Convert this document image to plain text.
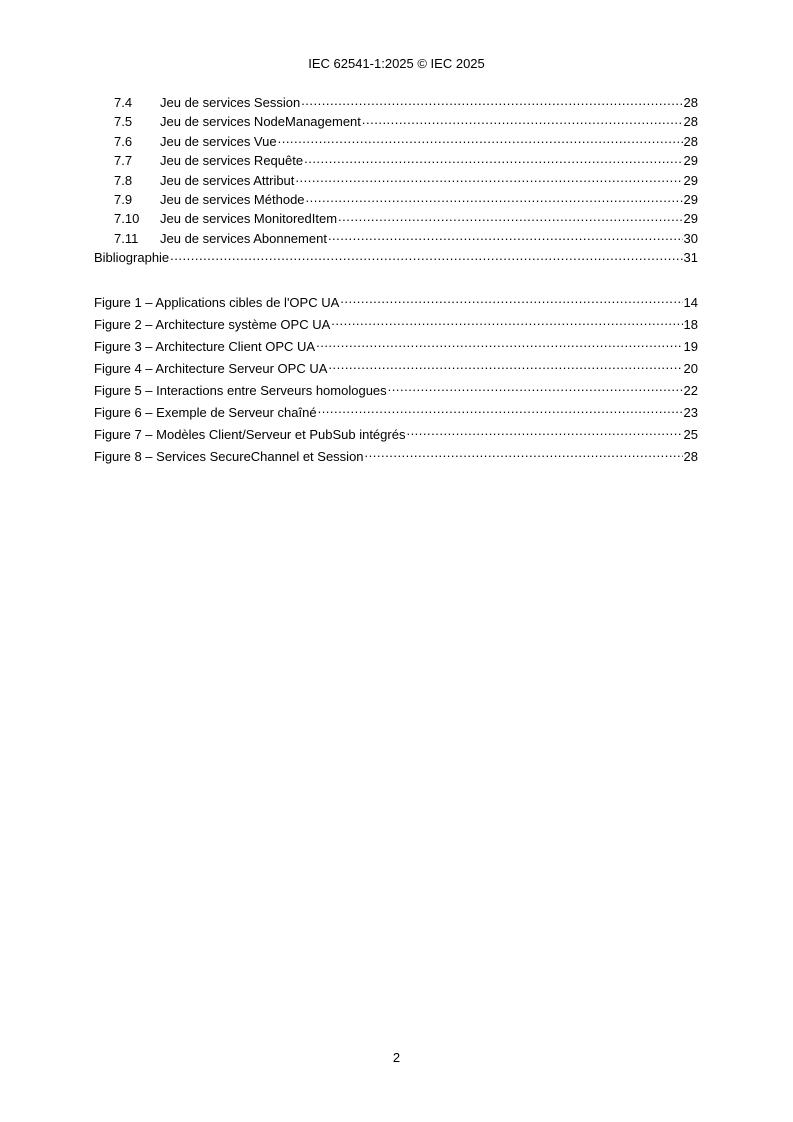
IEC 62541-1:2025 © IEC 2025
7.4	Jeu de services Session .....	28
7.5	Jeu de services NodeManagement .....	28
7.6	Jeu de services Vue .....	28
7.7	Jeu de services Requête .....	29
7.8	Jeu de services Attribut .....	29
7.9	Jeu de services Méthode .....	29
7.10	Jeu de services MonitoredItem .....	29
7.11	Jeu de services Abonnement .....	30
Bibliographie .....	31
Figure 1 – Applications cibles de l'OPC UA .....	14
Figure 2 – Architecture système OPC UA .....	18
Figure 3 – Architecture Client OPC UA .....	19
Figure 4 – Architecture Serveur OPC UA .....	20
Figure 5 – Interactions entre Serveurs homologues .....	22
Figure 6 – Exemple de Serveur chaîné .....	23
Figure 7 – Modèles Client/Serveur et PubSub intégrés .....	25
Figure 8 – Services SecureChannel et Session .....	28
2
